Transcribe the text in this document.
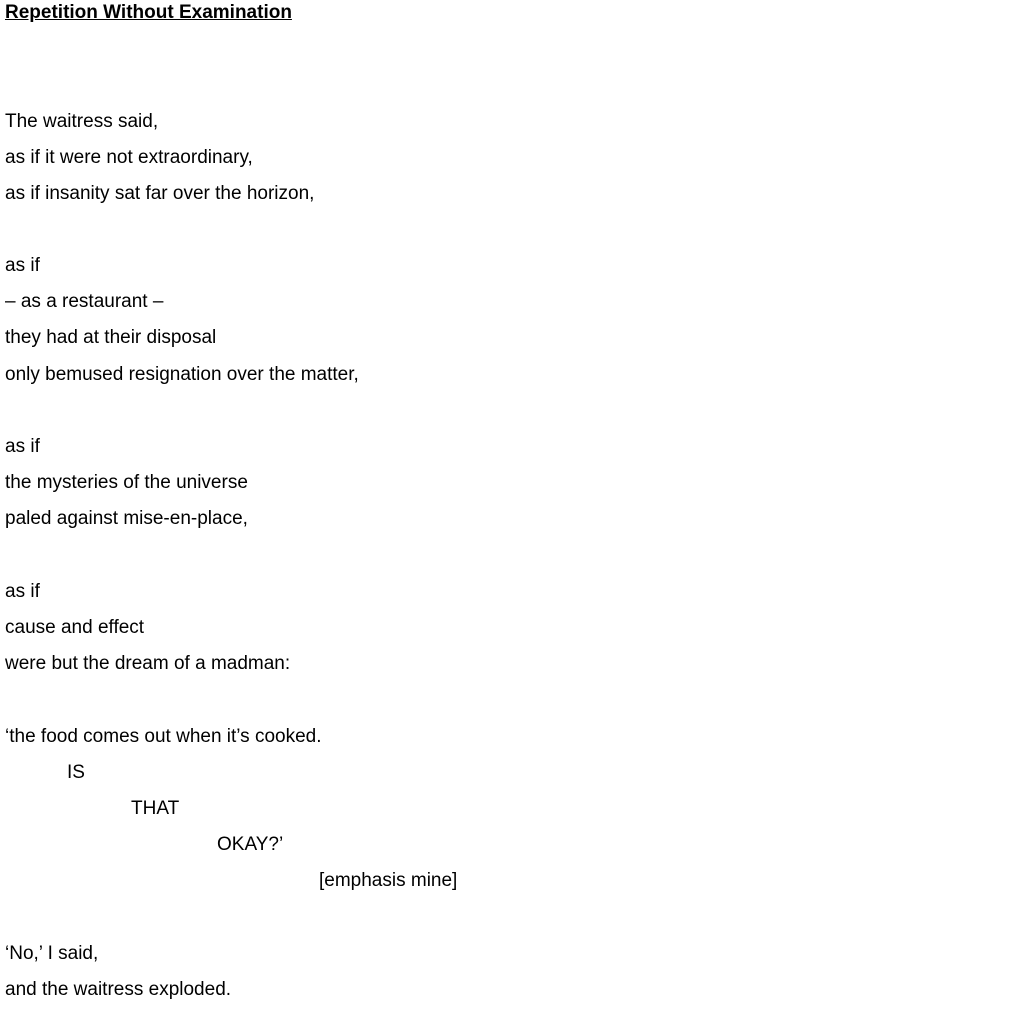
Repetition Without Examination

The waitress said,

as if it were not extraordinary,

as if insanity sat far over the horizon,

as if

– as a restaurant –

they had at their disposal

only bemused resignation over the matter,

as if

the mysteries of the universe

paled against mise-en-place,

as if

cause and effect

were but the dream of a madman:

‘the food comes out when it’s cooked.

IS

THAT

OKAY?’

[emphasis mine]

‘No,’ I said,

and the waitress exploded.
